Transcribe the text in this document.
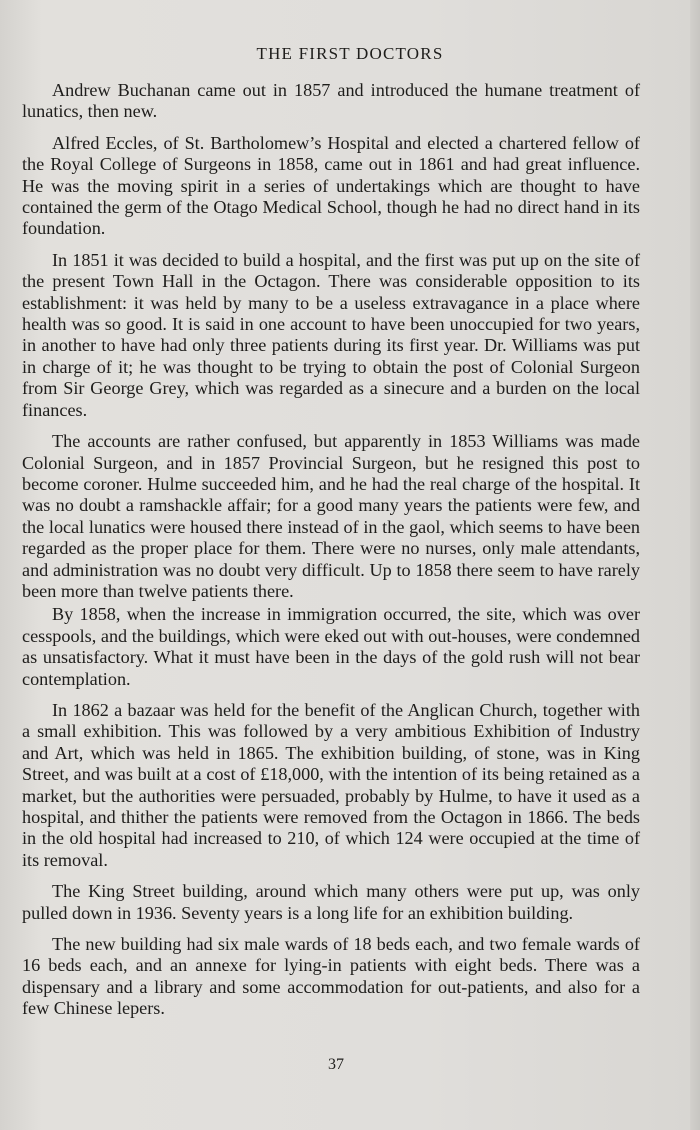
THE FIRST DOCTORS

Andrew Buchanan came out in 1857 and introduced the humane treatment of lunatics, then new.

Alfred Eccles, of St. Bartholomew’s Hospital and elected a chartered fellow of the Royal College of Surgeons in 1858, came out in 1861 and had great influence. He was the moving spirit in a series of undertakings which are thought to have contained the germ of the Otago Medical School, though he had no direct hand in its foundation.

In 1851 it was decided to build a hospital, and the first was put up on the site of the present Town Hall in the Octagon. There was considerable opposition to its establishment: it was held by many to be a useless extravagance in a place where health was so good. It is said in one account to have been unoccupied for two years, in another to have had only three patients during its first year. Dr. Williams was put in charge of it; he was thought to be trying to obtain the post of Colonial Surgeon from Sir George Grey, which was regarded as a sinecure and a burden on the local finances.

The accounts are rather confused, but apparently in 1853 Williams was made Colonial Surgeon, and in 1857 Provincial Surgeon, but he resigned this post to become coroner. Hulme succeeded him, and he had the real charge of the hospital. It was no doubt a ramshackle affair; for a good many years the patients were few, and the local lunatics were housed there instead of in the gaol, which seems to have been regarded as the proper place for them. There were no nurses, only male attendants, and administration was no doubt very difficult. Up to 1858 there seem to have rarely been more than twelve patients there.

By 1858, when the increase in immigration occurred, the site, which was over cesspools, and the buildings, which were eked out with out-houses, were condemned as unsatisfactory. What it must have been in the days of the gold rush will not bear contemplation.

In 1862 a bazaar was held for the benefit of the Anglican Church, together with a small exhibition. This was followed by a very ambitious Exhibition of Industry and Art, which was held in 1865. The exhibition building, of stone, was in King Street, and was built at a cost of £18,000, with the intention of its being retained as a market, but the authorities were persuaded, probably by Hulme, to have it used as a hospital, and thither the patients were removed from the Octagon in 1866. The beds in the old hospital had increased to 210, of which 124 were occupied at the time of its removal.

The King Street building, around which many others were put up, was only pulled down in 1936. Seventy years is a long life for an exhibition building.

The new building had six male wards of 18 beds each, and two female wards of 16 beds each, and an annexe for lying-in patients with eight beds. There was a dispensary and a library and some accommodation for out-patients, and also for a few Chinese lepers.

37
